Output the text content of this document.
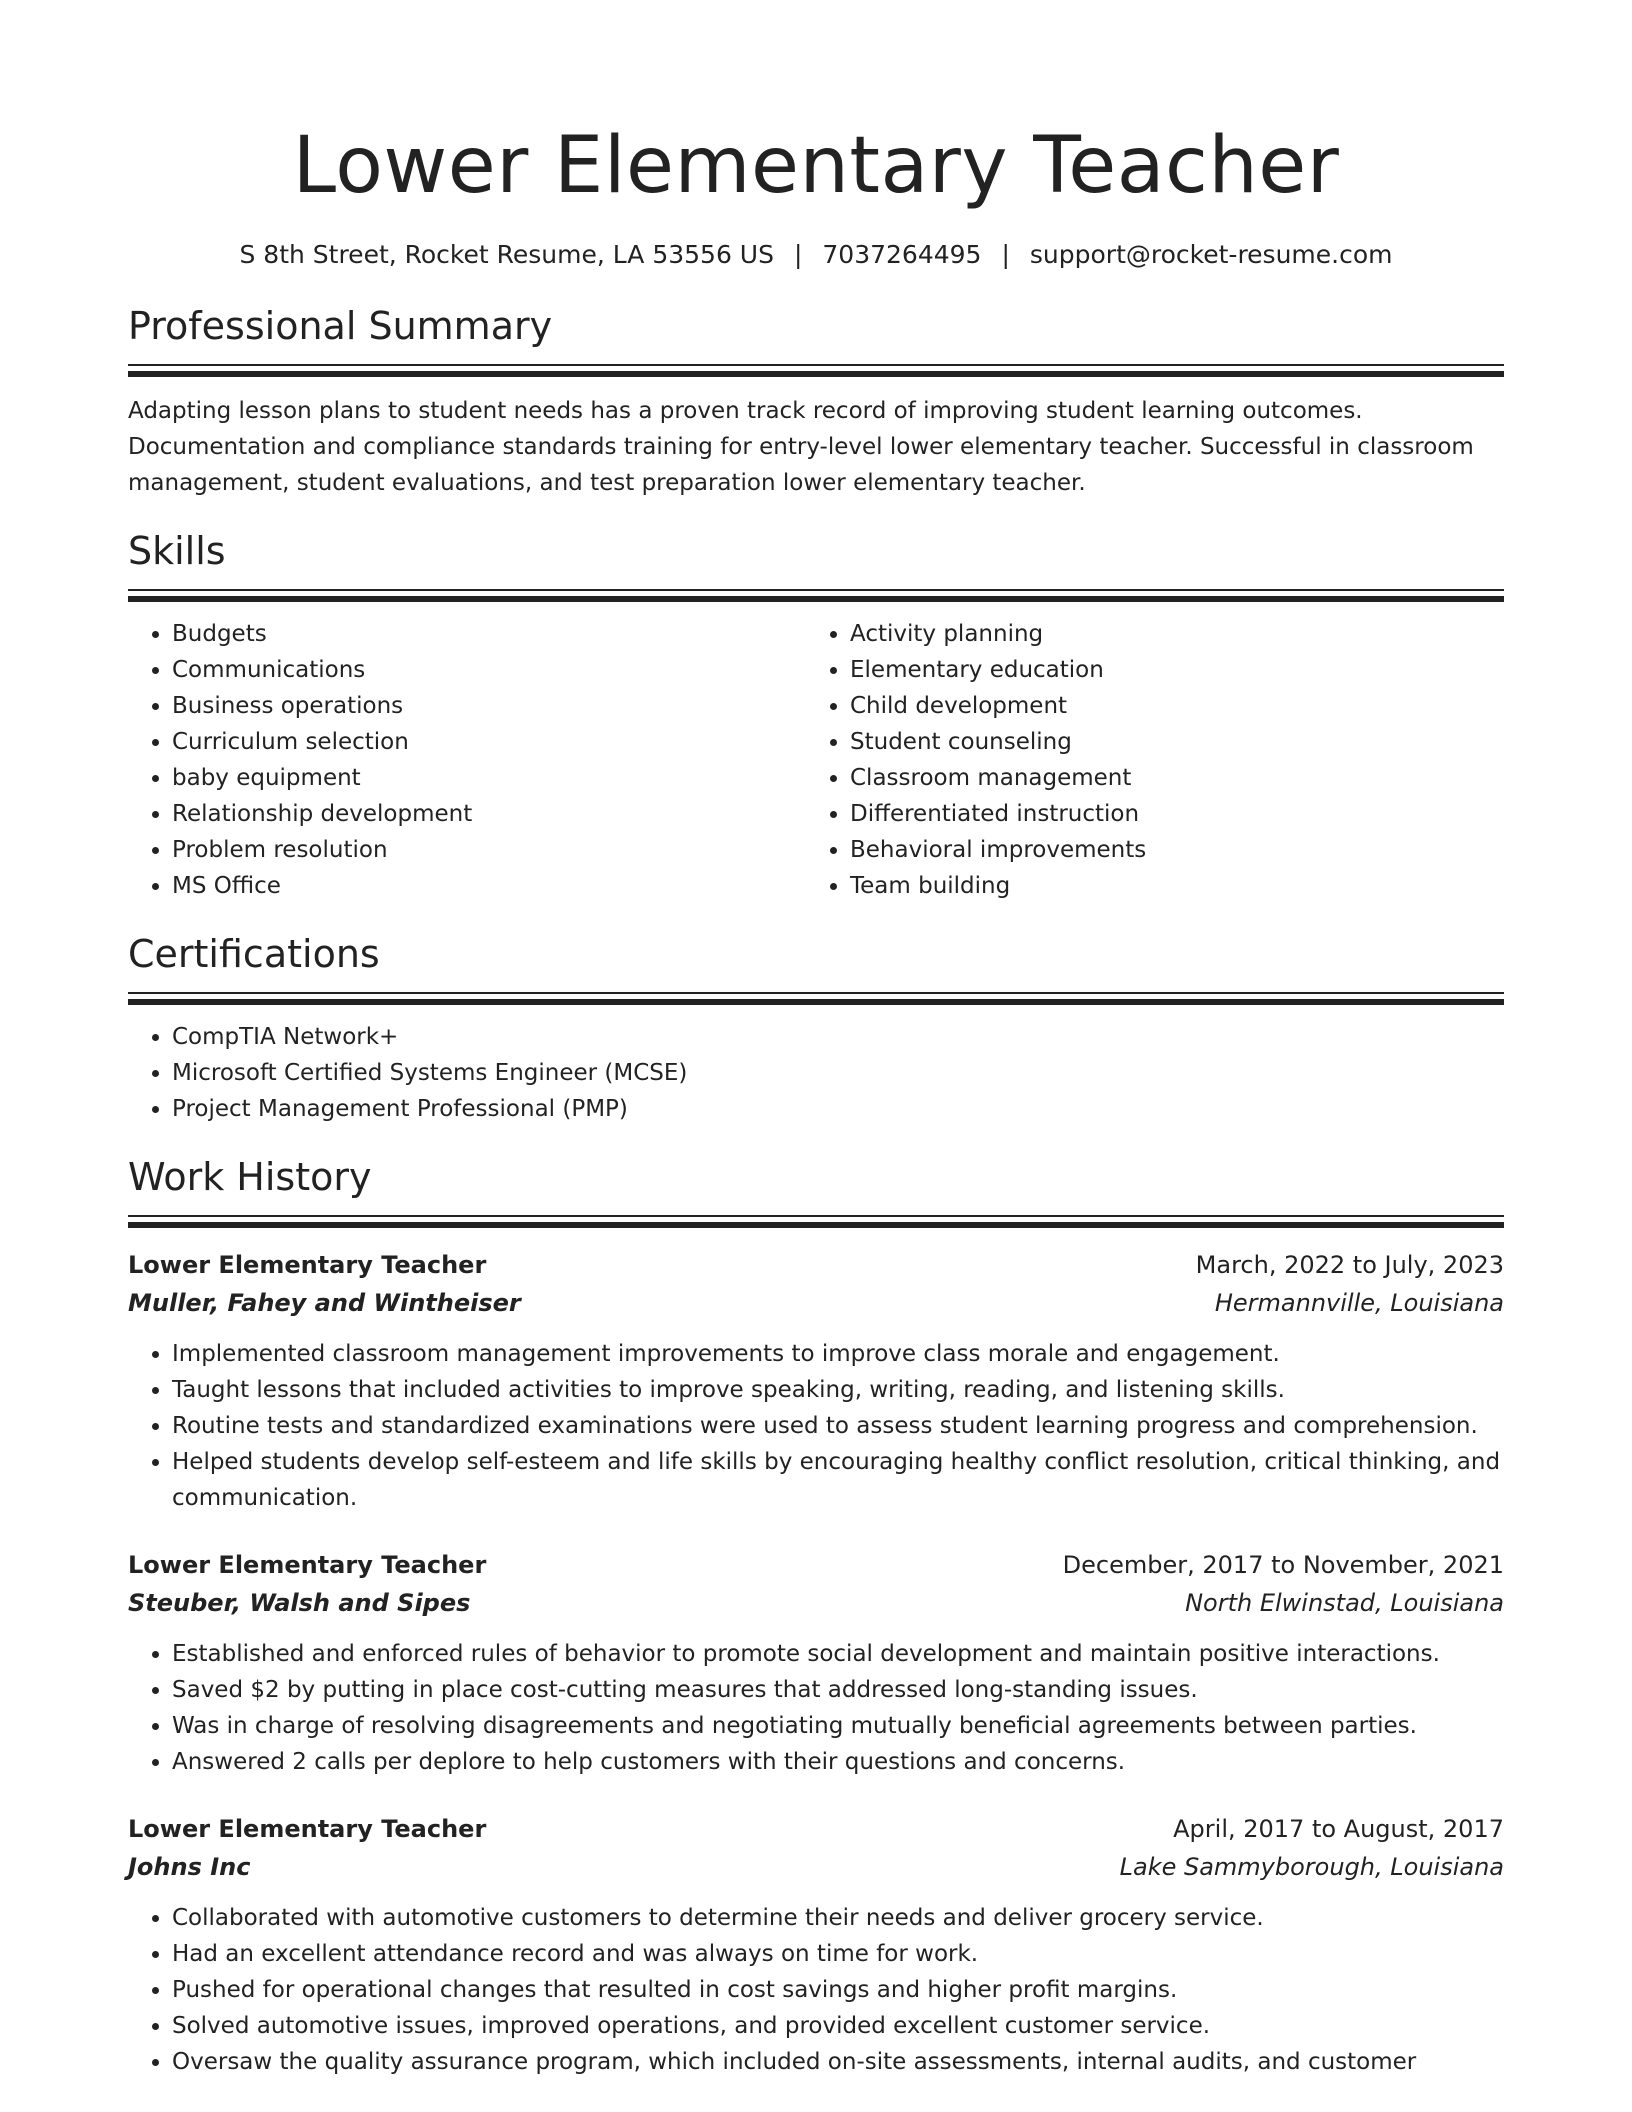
Lower Elementary Teacher
S 8th Street, Rocket Resume, LA 53556 US | 7037264495 | support@rocket-resume.com
Professional Summary
Adapting lesson plans to student needs has a proven track record of improving student learning outcomes. Documentation and compliance standards training for entry-level lower elementary teacher. Successful in classroom management, student evaluations, and test preparation lower elementary teacher.
Skills
• Budgets
• Communications
• Business operations
• Curriculum selection
• baby equipment
• Relationship development
• Problem resolution
• MS Office
• Activity planning
• Elementary education
• Child development
• Student counseling
• Classroom management
• Differentiated instruction
• Behavioral improvements
• Team building
Certifications
• CompTIA Network+
• Microsoft Certified Systems Engineer (MCSE)
• Project Management Professional (PMP)
Work History
Lower Elementary Teacher	March, 2022 to July, 2023
Muller, Fahey and Wintheiser	Hermannville, Louisiana
• Implemented classroom management improvements to improve class morale and engagement.
• Taught lessons that included activities to improve speaking, writing, reading, and listening skills.
• Routine tests and standardized examinations were used to assess student learning progress and comprehension.
• Helped students develop self-esteem and life skills by encouraging healthy conflict resolution, critical thinking, and communication.
Lower Elementary Teacher	December, 2017 to November, 2021
Steuber, Walsh and Sipes	North Elwinstad, Louisiana
• Established and enforced rules of behavior to promote social development and maintain positive interactions.
• Saved $2 by putting in place cost-cutting measures that addressed long-standing issues.
• Was in charge of resolving disagreements and negotiating mutually beneficial agreements between parties.
• Answered 2 calls per deplore to help customers with their questions and concerns.
Lower Elementary Teacher	April, 2017 to August, 2017
Johns Inc	Lake Sammyborough, Louisiana
• Collaborated with automotive customers to determine their needs and deliver grocery service.
• Had an excellent attendance record and was always on time for work.
• Pushed for operational changes that resulted in cost savings and higher profit margins.
• Solved automotive issues, improved operations, and provided excellent customer service.
• Oversaw the quality assurance program, which included on-site assessments, internal audits, and customer
